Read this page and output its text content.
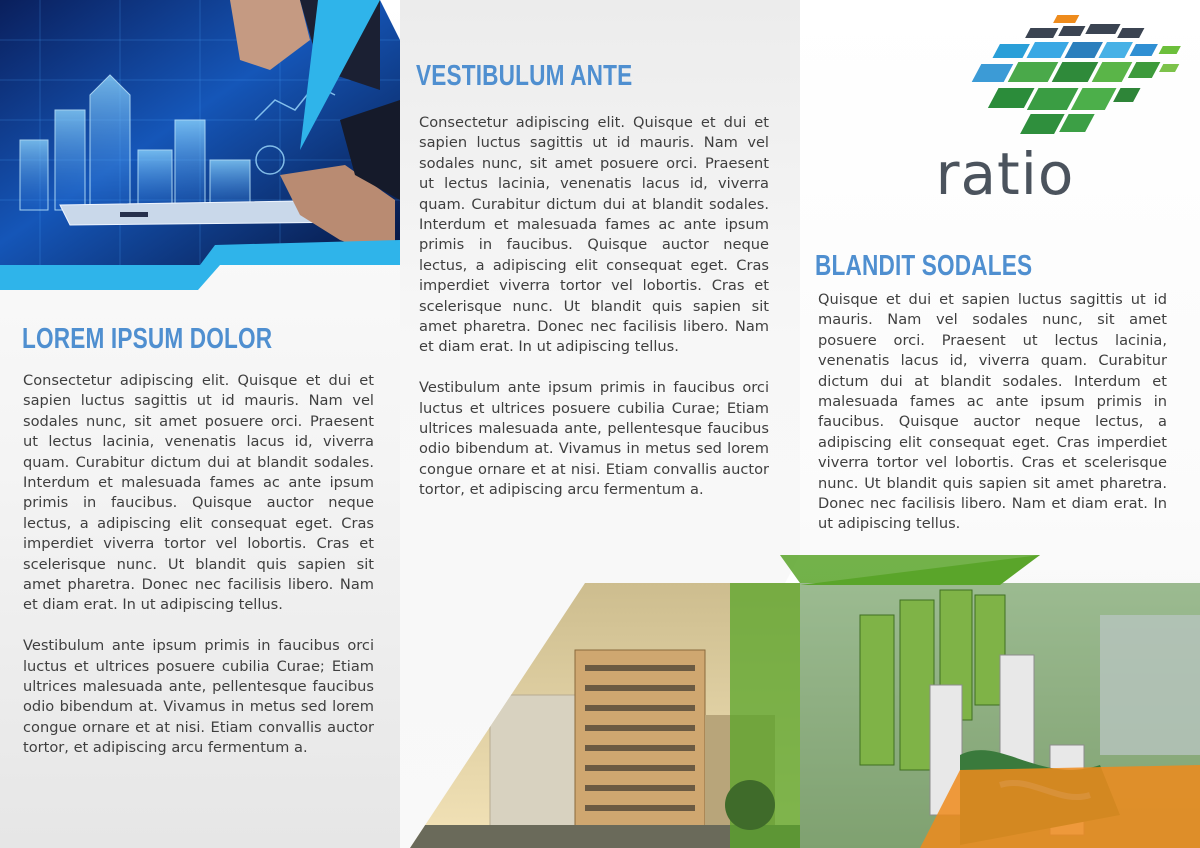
LOREM IPSUM DOLOR

Consectetur adipiscing elit. Quisque et dui et sapien luctus sagittis ut id mauris. Nam vel sodales nunc, sit amet posuere orci. Praesent ut lectus lacinia, venenatis lacus id, viverra quam. Curabitur dictum dui at blandit sodales. Interdum et malesuada fames ac ante ipsum primis in faucibus. Quisque auctor neque lectus, a adipiscing elit consequat eget. Cras imperdiet viverra tortor vel lobortis. Cras et scelerisque nunc. Ut blandit quis sapien sit amet pharetra. Donec nec facilisis libero. Nam et diam erat. In ut adipiscing tellus.

Vestibulum ante ipsum primis in faucibus orci luctus et ultrices posuere cubilia Curae; Etiam ultrices malesuada ante, pellentesque faucibus odio bibendum at. Vivamus in metus sed lorem congue ornare et at nisi. Etiam convallis auctor tortor, et adipiscing arcu fermentum a.

VESTIBULUM ANTE

Consectetur adipiscing elit. Quisque et dui et sapien luctus sagittis ut id mauris. Nam vel sodales nunc, sit amet posuere orci. Praesent ut lectus lacinia, venenatis lacus id, viverra quam. Curabitur dictum dui at blandit sodales. Interdum et malesuada fames ac ante ipsum primis in faucibus. Quisque auctor neque lectus, a adipiscing elit consequat eget. Cras imperdiet viverra tortor vel lobortis. Cras et scelerisque nunc. Ut blandit quis sapien sit amet pharetra. Donec nec facilisis libero. Nam et diam erat. In ut adipiscing tellus.

Vestibulum ante ipsum primis in faucibus orci luctus et ultrices posuere cubilia Curae; Etiam ultrices malesuada ante, pellentesque faucibus odio bibendum at. Vivamus in metus sed lorem congue ornare et at nisi. Etiam convallis auctor tortor, et adipiscing arcu fermentum a.

BLANDIT SODALES

Quisque et dui et sapien luctus sagittis ut id mauris. Nam vel sodales nunc, sit amet posuere orci. Praesent ut lectus lacinia, venenatis lacus id, viverra quam. Curabitur dictum dui at blandit sodales. Interdum et malesuada fames ac ante ipsum primis in faucibus. Quisque auctor neque lectus, a adipiscing elit consequat eget. Cras imperdiet viverra tortor vel lobortis. Cras et scelerisque nunc. Ut blandit quis sapien sit amet pharetra. Donec nec facilisis libero. Nam et diam erat. In ut adipiscing tellus.

ratio
